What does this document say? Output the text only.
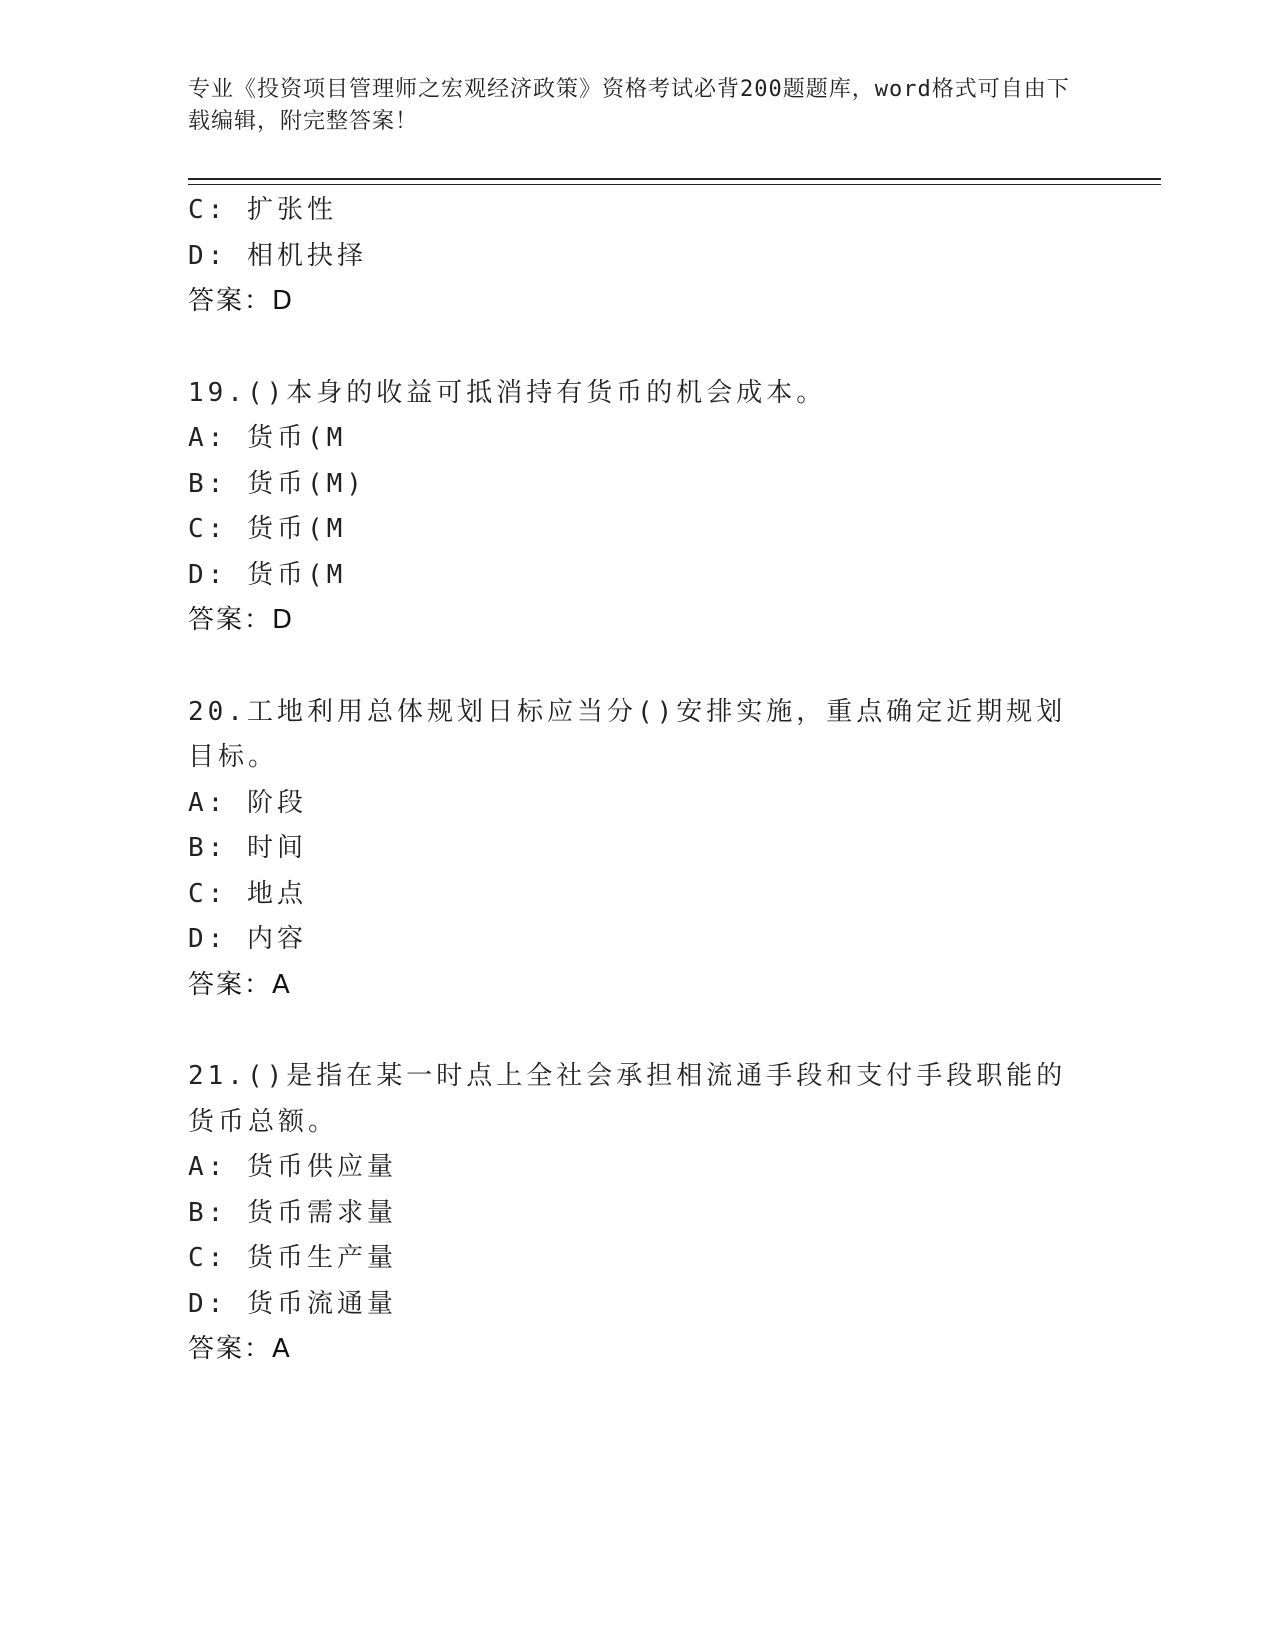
专业《投资项目管理师之宏观经济政策》资格考试必背200题题库，word格式可自由下载编辑，附完整答案！
C: 扩张性
D: 相机抉择
答案：D
19.()本身的收益可抵消持有货币的机会成本。
A: 货币(M
B: 货币(M)
C: 货币(M
D: 货币(M
答案：D
20.工地利用总体规划日标应当分()安排实施，重点确定近期规划目标。
A: 阶段
B: 时间
C: 地点
D: 内容
答案：A
21.()是指在某一时点上全社会承担相流通手段和支付手段职能的货币总额。
A: 货币供应量
B: 货币需求量
C: 货币生产量
D: 货币流通量
答案：A
